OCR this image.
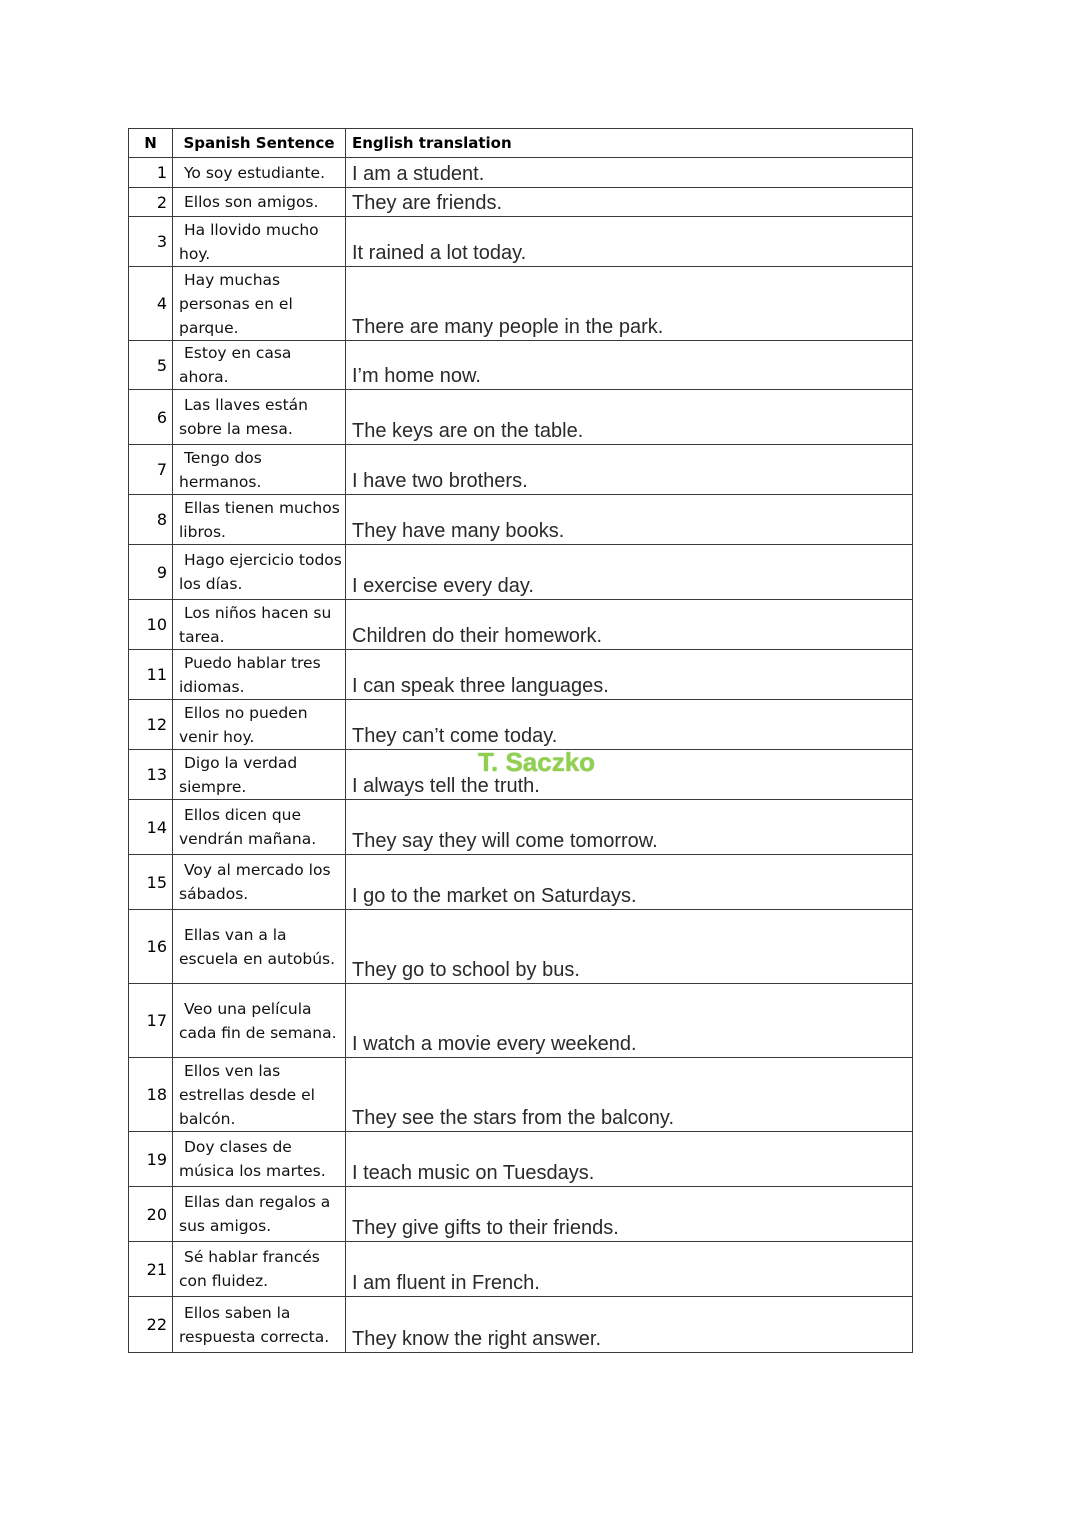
N	Spanish Sentence	English translation
1	Yo soy estudiante.	I am a student.

2	Ellos son amigos.	They are friends.

3	Ha llovido mucho hoy.	It rained a lot today.

4	Hay muchas personas en el parque.	There are many people in the park.

5	Estoy en casa ahora.	I’m home now.

6	Las llaves están sobre la mesa.	The keys are on the table.

7	Tengo dos hermanos.	I have two brothers.

8	Ellas tienen muchos libros.	They have many books.

9	Hago ejercicio todos los días.	I exercise every day.

10	Los niños hacen su tarea.	Children do their homework.

11	Puedo hablar tres idiomas.	I can speak three languages.

12	Ellos no pueden venir hoy.	They can’t come today.

13	Digo la verdad siempre.	I always tell the truth.

14	Ellos dicen que vendrán mañana.	They say they will come tomorrow.

15	Voy al mercado los sábados.	I go to the market on Saturdays.

16	Ellas van a la escuela en autobús.	They go to school by bus.

17	Veo una película cada fin de semana.	I watch a movie every weekend.

18	Ellos ven las estrellas desde el balcón.	They see the stars from the balcony.

19	Doy clases de música los martes.	I teach music on Tuesdays.

20	Ellas dan regalos a sus amigos.	They give gifts to their friends.

21	Sé hablar francés con fluidez.	I am fluent in French.

22	Ellos saben la respuesta correcta.	They know the right answer.
T. Saczko
